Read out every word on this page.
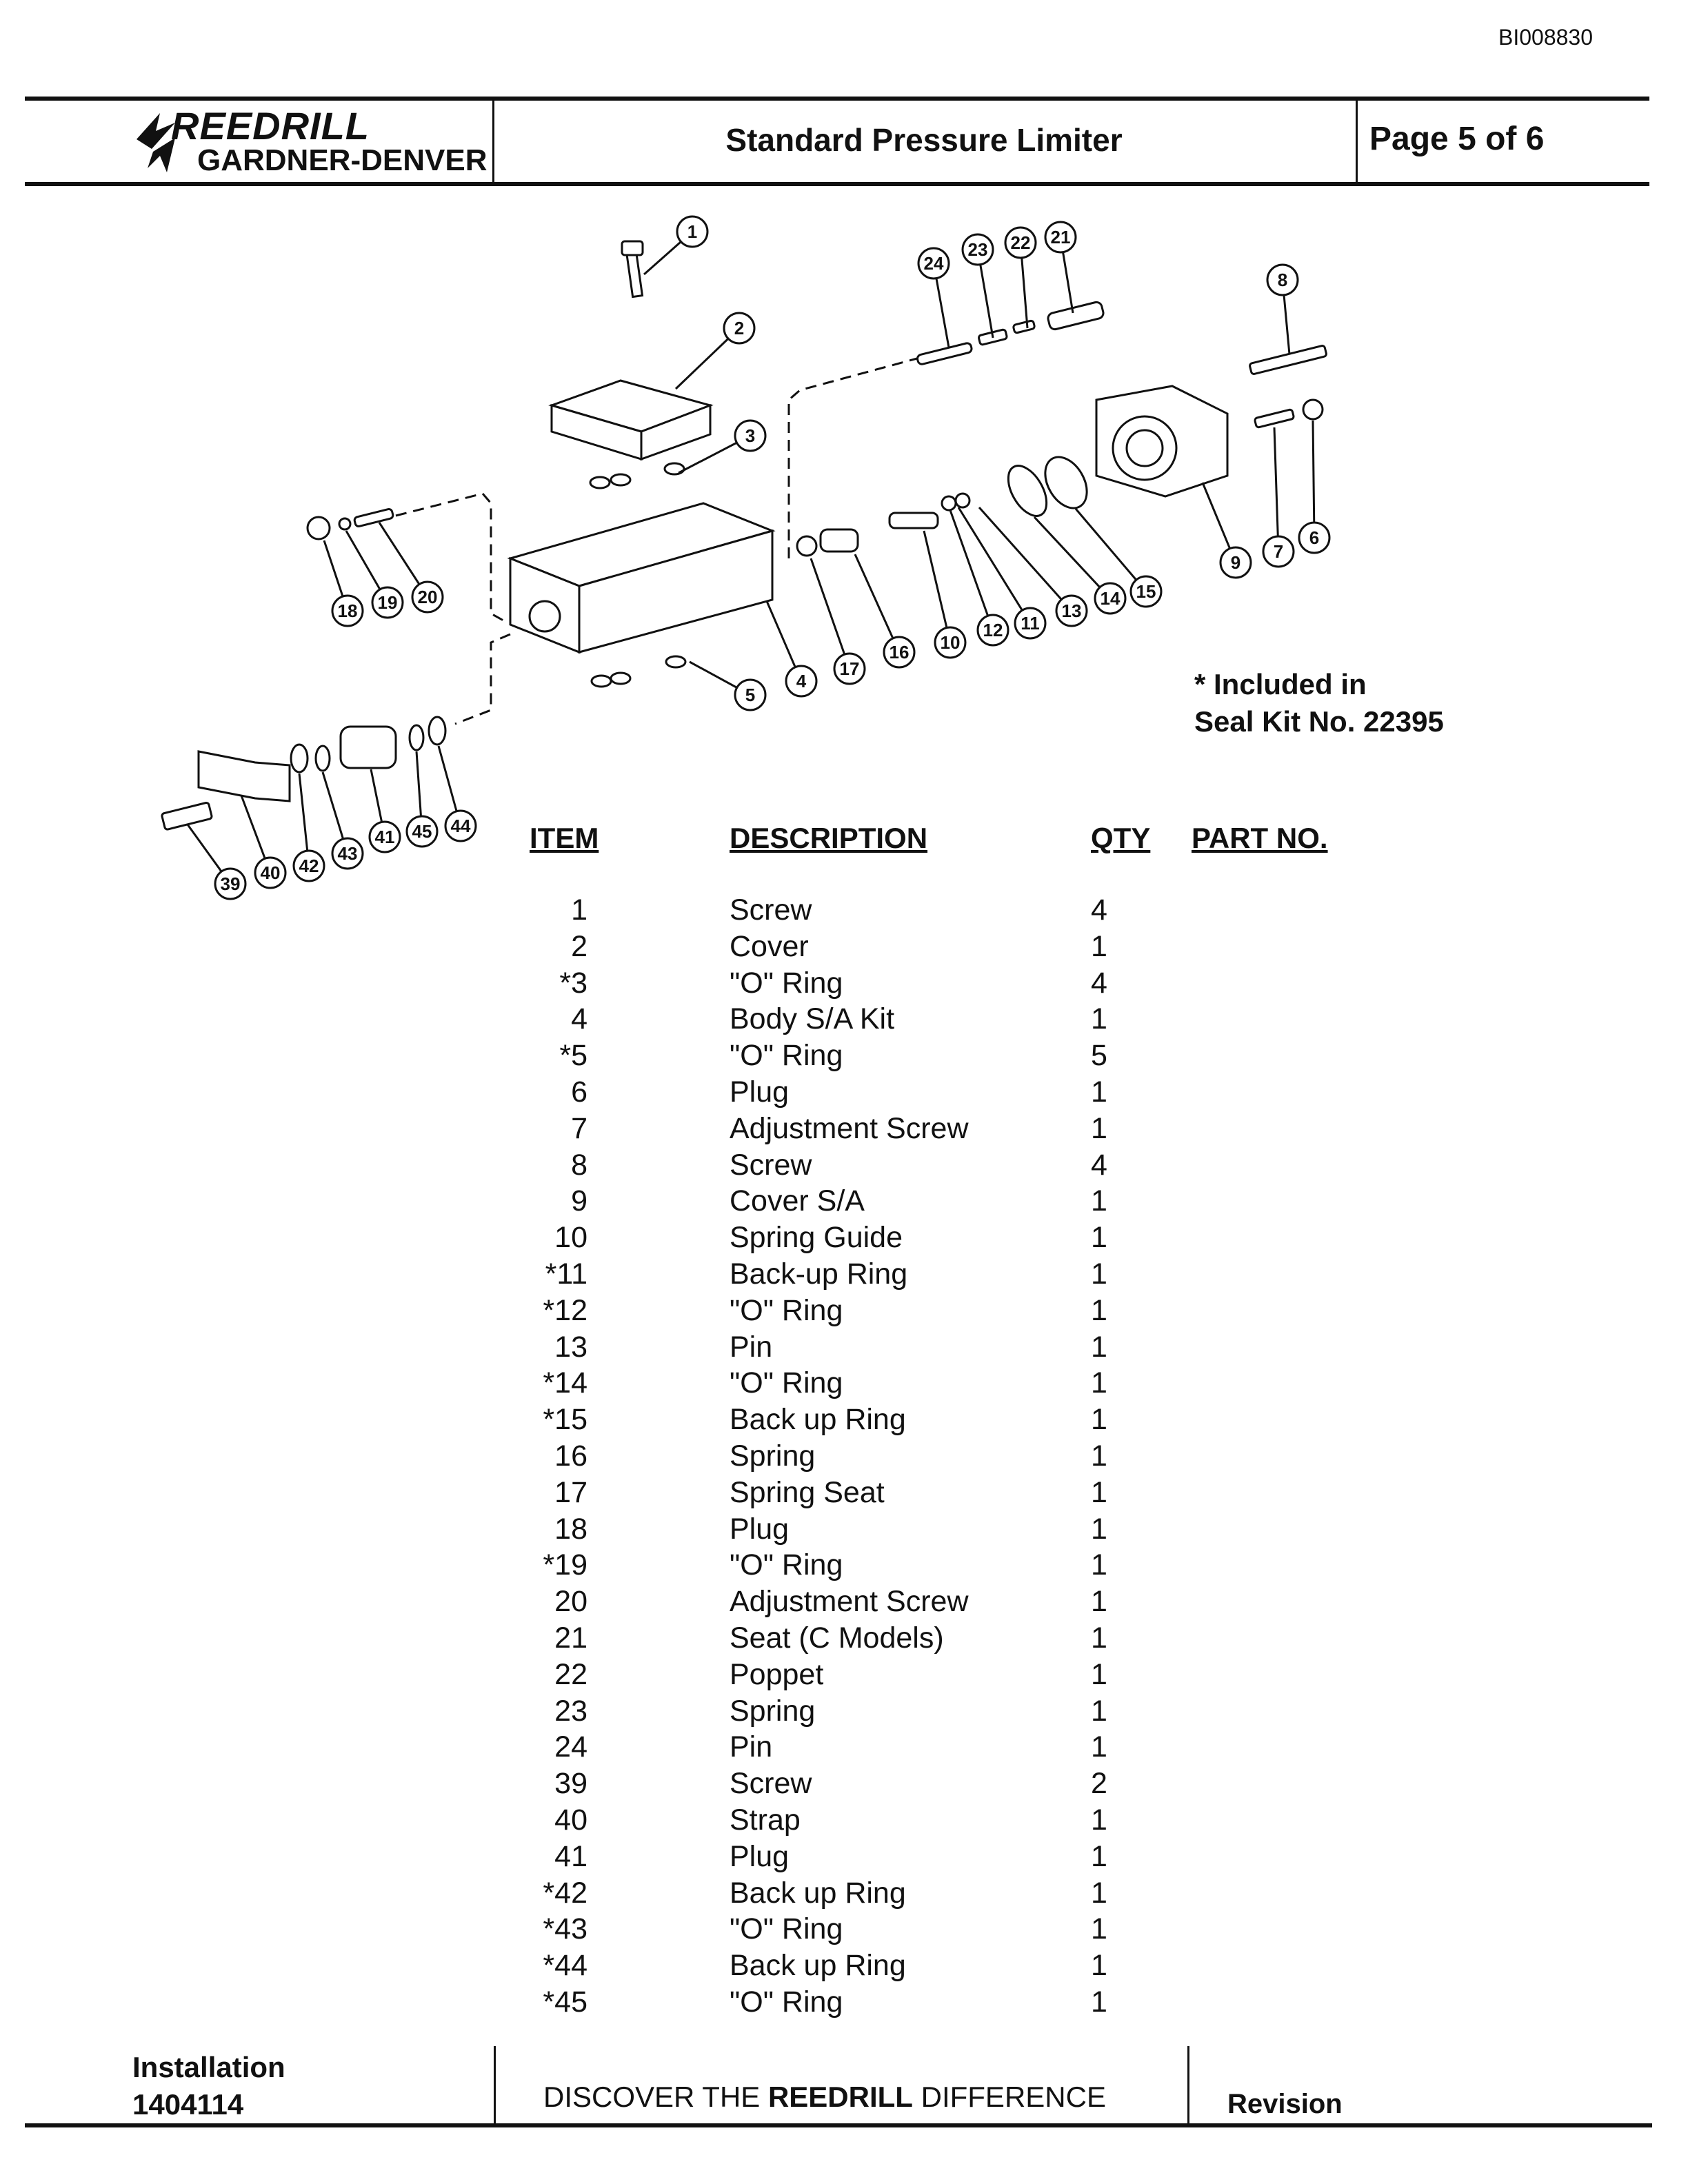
BI008830
REEDRILL
GARDNER-DENVER
Standard Pressure Limiter	Page 5 of 6
1
2
3
4
5
6
7
8
9
10
11
12
13
14 15
16
17
18 19 20
21
22
23
24
39
40
41
42
43
44
45
* Included in
Seal Kit No. 22395
ITEM	DESCRIPTION	QTY PART NO.
1	Screw	4
2	Cover	1
*3	"O" Ring	4
4	Body S/A Kit	1
*5	"O" Ring	5
6	Plug	1
7	Adjustment Screw	1
8	Screw	4
9	Cover S/A	1
10	Spring Guide	1
*11	Back-up Ring	1
*12	"O" Ring	1
13	Pin	1
*14	"O" Ring	1
*15	Back up Ring	1
16	Spring	1
17	Spring Seat	1
18	Plug	1
*19	"O" Ring	1
20	Adjustment Screw	1
21	Seat (C Models)	1
22	Poppet	1
23	Spring	1
24	Pin	1
39	Screw	2
40	Strap	1
41	Plug	1
*42	Back up Ring	1
*43	"O" Ring	1
*44	Back up Ring	1
*45	"O" Ring	1
Installation
1404114	DISCOVER THE REEDRILL DIFFERENCE	Revision
